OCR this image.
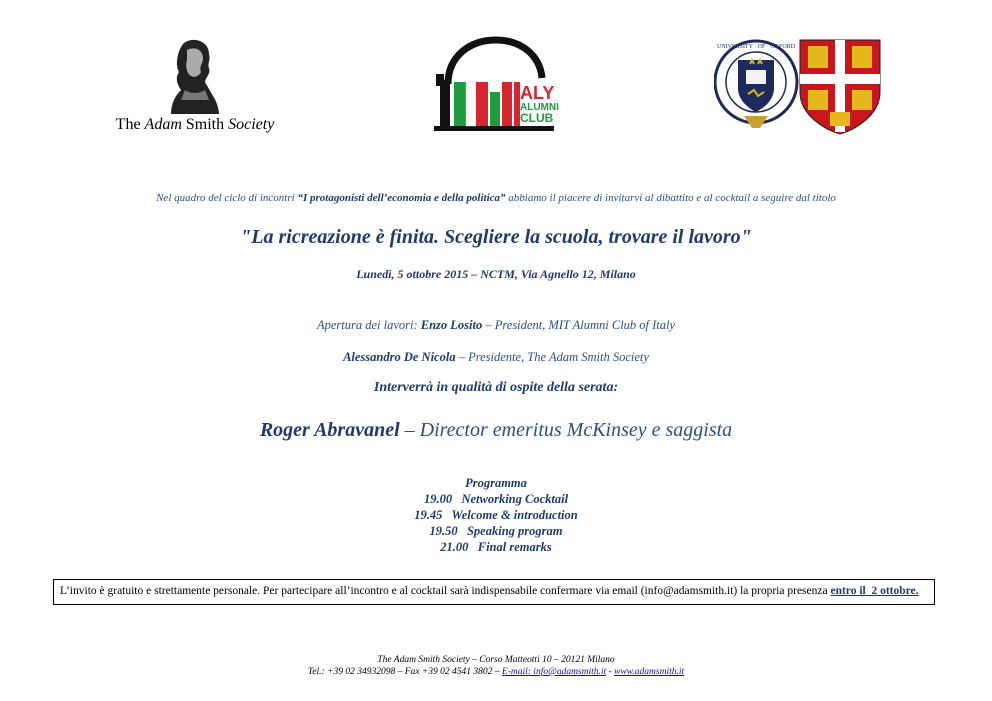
The Adam Smith Society
ALY
ALUMNI
CLUB
UNIVERSITY · OF · OXFORD
Nel quadro del ciclo di incontri “I protagonisti dell’economia e della politica” abbiamo il piacere di invitarvi al dibattito e al cocktail a seguire dal titolo
"La ricreazione è finita. Scegliere la scuola, trovare il lavoro"
Lunedì, 5 ottobre 2015 – NCTM, Via Agnello 12, Milano
Apertura dei lavori: Enzo Losito – President, MIT Alumni Club of Italy
Alessandro De Nicola – Presidente, The Adam Smith Society
Interverrà in qualità di ospite della serata:
Roger Abravanel – Director emeritus McKinsey e saggista
Programma
19.00   Networking Cocktail
19.45   Welcome & introduction
19.50   Speaking program
21.00   Final remarks
L’invito è gratuito e strettamente personale. Per partecipare all’incontro e al cocktail sarà indispensabile confermare via email (info@adamsmith.it) la propria presenza entro il  2 ottobre.
The Adam Smith Society – Corso Matteotti 10 – 20121 Milano
Tel.: +39 02 34932098 – Fax +39 02 4541 3802 – E-mail: info@adamsmith.it - www.adamsmith.it
